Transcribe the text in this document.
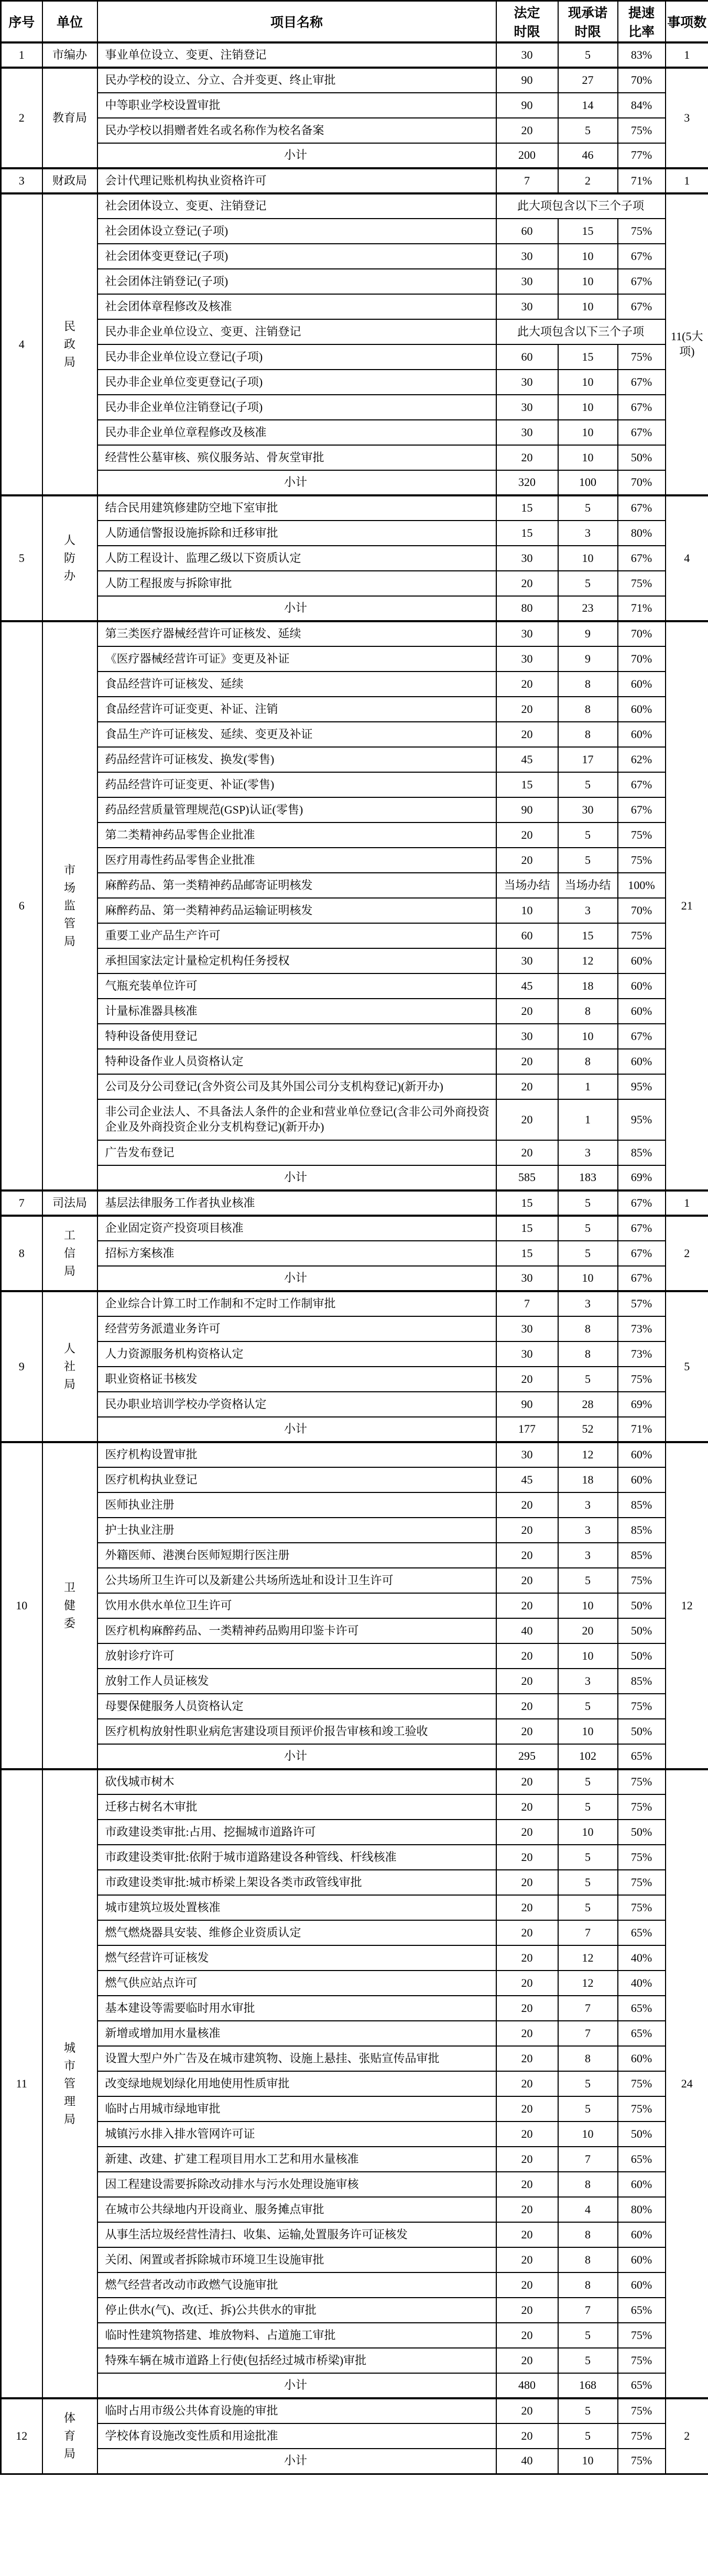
序号	单位	项目名称	法定时限	现承诺时限	提速比率	事项数
1	市编办	事业单位设立、变更、注销登记	30	5	83%	1
2	教育局	民办学校的设立、分立、合并变更、终止审批	90	27	70%	3
		中等职业学校设置审批	90	14	84%	
		民办学校以捐赠者姓名或名称作为校名备案	20	5	75%	
		小计	200	46	77%	
3	财政局	会计代理记账机构执业资格许可	7	2	71%	1
4	民政局	社会团体设立、变更、注销登记	此大项包含以下三个子项			11(5大项)
		社会团体设立登记(子项)	60	15	75%	
		社会团体变更登记(子项)	30	10	67%	
		社会团体注销登记(子项)	30	10	67%	
		社会团体章程修改及核准	30	10	67%	
		民办非企业单位设立、变更、注销登记	此大项包含以下三个子项			
		民办非企业单位设立登记(子项)	60	15	75%	
		民办非企业单位变更登记(子项)	30	10	67%	
		民办非企业单位注销登记(子项)	30	10	67%	
		民办非企业单位章程修改及核准	30	10	67%	
		经营性公墓审核、殡仪服务站、骨灰堂审批	20	10	50%	
		小计	320	100	70%	
5	人防办	结合民用建筑修建防空地下室审批	15	5	67%	4
		人防通信警报设施拆除和迁移审批	15	3	80%	
		人防工程设计、监理乙级以下资质认定	30	10	67%	
		人防工程报废与拆除审批	20	5	75%	
		小计	80	23	71%	
6	市场监管局	第三类医疗器械经营许可证核发、延续	30	9	70%	21
		《医疗器械经营许可证》变更及补证	30	9	70%	
		食品经营许可证核发、延续	20	8	60%	
		食品经营许可证变更、补证、注销	20	8	60%	
		食品生产许可证核发、延续、变更及补证	20	8	60%	
		药品经营许可证核发、换发(零售)	45	17	62%	
		药品经营许可证变更、补证(零售)	15	5	67%	
		药品经营质量管理规范(GSP)认证(零售)	90	30	67%	
		第二类精神药品零售企业批准	20	5	75%	
		医疗用毒性药品零售企业批准	20	5	75%	
		麻醉药品、第一类精神药品邮寄证明核发	当场办结	当场办结	100%	
		麻醉药品、第一类精神药品运输证明核发	10	3	70%	
		重要工业产品生产许可	60	15	75%	
		承担国家法定计量检定机构任务授权	30	12	60%	
		气瓶充装单位许可	45	18	60%	
		计量标准器具核准	20	8	60%	
		特种设备使用登记	30	10	67%	
		特种设备作业人员资格认定	20	8	60%	
		公司及分公司登记(含外资公司及其外国公司分支机构登记)(新开办)	20	1	95%	
		非公司企业法人、不具备法人条件的企业和营业单位登记(含非公司外商投资企业及外商投资企业分支机构登记)(新开办)	20	1	95%	
		广告发布登记	20	3	85%	
		小计	585	183	69%	
7	司法局	基层法律服务工作者执业核准	15	5	67%	1
8	工信局	企业固定资产投资项目核准	15	5	67%	2
		招标方案核准	15	5	67%	
		小计	30	10	67%	
9	人社局	企业综合计算工时工作制和不定时工作制审批	7	3	57%	5
		经营劳务派遣业务许可	30	8	73%	
		人力资源服务机构资格认定	30	8	73%	
		职业资格证书核发	20	5	75%	
		民办职业培训学校办学资格认定	90	28	69%	
		小计	177	52	71%	
10	卫健委	医疗机构设置审批	30	12	60%	12
		医疗机构执业登记	45	18	60%	
		医师执业注册	20	3	85%	
		护士执业注册	20	3	85%	
		外籍医师、港澳台医师短期行医注册	20	3	85%	
		公共场所卫生许可以及新建公共场所选址和设计卫生许可	20	5	75%	
		饮用水供水单位卫生许可	20	10	50%	
		医疗机构麻醉药品、一类精神药品购用印鉴卡许可	40	20	50%	
		放射诊疗许可	20	10	50%	
		放射工作人员证核发	20	3	85%	
		母婴保健服务人员资格认定	20	5	75%	
		医疗机构放射性职业病危害建设项目预评价报告审核和竣工验收	20	10	50%	
		小计	295	102	65%	
11	城市管理局	砍伐城市树木	20	5	75%	24
		迁移古树名木审批	20	5	75%	
		市政建设类审批:占用、挖掘城市道路许可	20	10	50%	
		市政建设类审批:依附于城市道路建设各种管线、杆线核准	20	5	75%	
		市政建设类审批:城市桥梁上架设各类市政管线审批	20	5	75%	
		城市建筑垃圾处置核准	20	5	75%	
		燃气燃烧器具安装、维修企业资质认定	20	7	65%	
		燃气经营许可证核发	20	12	40%	
		燃气供应站点许可	20	12	40%	
		基本建设等需要临时用水审批	20	7	65%	
		新增或增加用水量核准	20	7	65%	
		设置大型户外广告及在城市建筑物、设施上悬挂、张贴宣传品审批	20	8	60%	
		改变绿地规划绿化用地使用性质审批	20	5	75%	
		临时占用城市绿地审批	20	5	75%	
		城镇污水排入排水管网许可证	20	10	50%	
		新建、改建、扩建工程项目用水工艺和用水量核准	20	7	65%	
		因工程建设需要拆除改动排水与污水处理设施审核	20	8	60%	
		在城市公共绿地内开设商业、服务摊点审批	20	4	80%	
		从事生活垃圾经营性清扫、收集、运输,处置服务许可证核发	20	8	60%	
		关闭、闲置或者拆除城市环境卫生设施审批	20	8	60%	
		燃气经营者改动市政燃气设施审批	20	8	60%	
		停止供水(气)、改(迁、拆)公共供水的审批	20	7	65%	
		临时性建筑物搭建、堆放物料、占道施工审批	20	5	75%	
		特殊车辆在城市道路上行使(包括经过城市桥梁)审批	20	5	75%	
		小计	480	168	65%	
12	体育局	临时占用市级公共体育设施的审批	20	5	75%	2
		学校体育设施改变性质和用途批准	20	5	75%	
		小计	40	10	75%	
